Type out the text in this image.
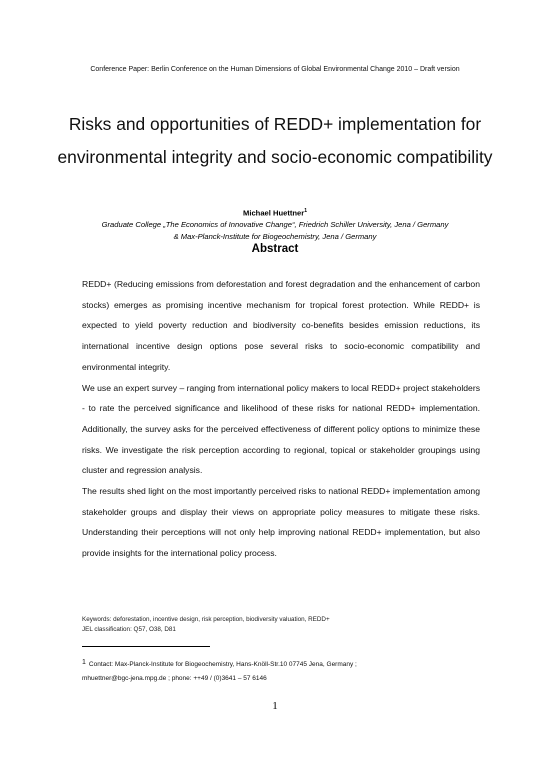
Conference Paper: Berlin Conference on the Human Dimensions of Global Environmental Change 2010 – Draft version
Risks and opportunities of REDD+ implementation for
environmental integrity and socio-economic compatibility
Michael Huettner$^1$
Graduate College „The Economics of Innovative Change“, Friedrich Schiller University, Jena / Germany
& Max-Planck-Institute for Biogeochemistry, Jena / Germany
Abstract

REDD+ (Reducing emissions from deforestation and forest degradation and the enhancement of carbon stocks) emerges as promising incentive mechanism for tropical forest protection. While REDD+ is expected to yield poverty reduction and biodiversity co-benefits besides emission reductions, its international incentive design options pose several risks to socio-economic compatibility and environmental integrity.

We use an expert survey – ranging from international policy makers to local REDD+ project stakeholders - to rate the perceived significance and likelihood of these risks for national REDD+ implementation. Additionally, the survey asks for the perceived effectiveness of different policy options to minimize these risks. We investigate the risk perception according to regional, topical or stakeholder groupings using cluster and regression analysis.

The results shed light on the most importantly perceived risks to national REDD+ implementation among stakeholder groups and display their views on appropriate policy measures to mitigate these risks. Understanding their perceptions will not only help improving national REDD+ implementation, but also provide insights for the international policy process.

Keywords: deforestation, incentive design, risk perception, biodiversity valuation, REDD+
JEL classification: Q57, O38, D81
$^1$ Contact: Max-Planck-Institute for Biogeochemistry, Hans-Knöll-Str.10 07745 Jena, Germany ;
mhuettner@bgc-jena.mpg.de ; phone: ++49 / (0)3641 – 57 6146
1
